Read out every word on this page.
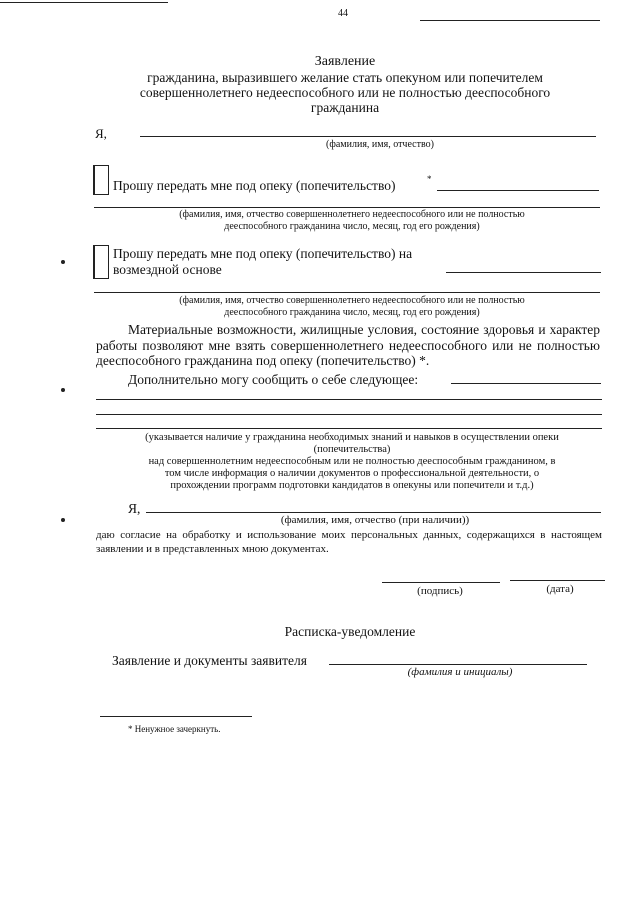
44
Заявление
гражданина, выразившего желание стать опекуном или попечителем
совершеннолетнего недееспособного или не полностью дееспособного
гражданина
Я,
(фамилия, имя, отчество)
Прошу передать мне под опеку (попечительство)	*
(фамилия, имя, отчество совершеннолетнего недееспособного или не полностью
дееспособного гражданина число, месяц, год его рождения)
Прошу передать мне под опеку (попечительство) на
возмездной основе
(фамилия, имя, отчество совершеннолетнего недееспособного или не полностью
дееспособного гражданина число, месяц, год его рождения)
Материальные возможности, жилищные условия, состояние здоровья и характер работы позволяют мне взять совершеннолетнего недееспособного или не полностью дееспособного гражданина под опеку (попечительство) *.
Дополнительно могу сообщить о себе следующее:
(указывается наличие у гражданина необходимых знаний и навыков в осуществлении опеки
(попечительства)
над совершеннолетним недееспособным или не полностью дееспособным гражданином, в
том числе информация о наличии документов о профессиональной деятельности, о
прохождении программ подготовки кандидатов в опекуны или попечители и т.д.)
Я,
(фамилия, имя, отчество (при наличии))
даю согласие на обработку и использование моих персональных данных, содержащихся в настоящем заявлении и в представленных мною документах.
(подпись)	(дата)
Расписка-уведомление
Заявление и документы заявителя
(фамилия и инициалы)
* Ненужное зачеркнуть.
